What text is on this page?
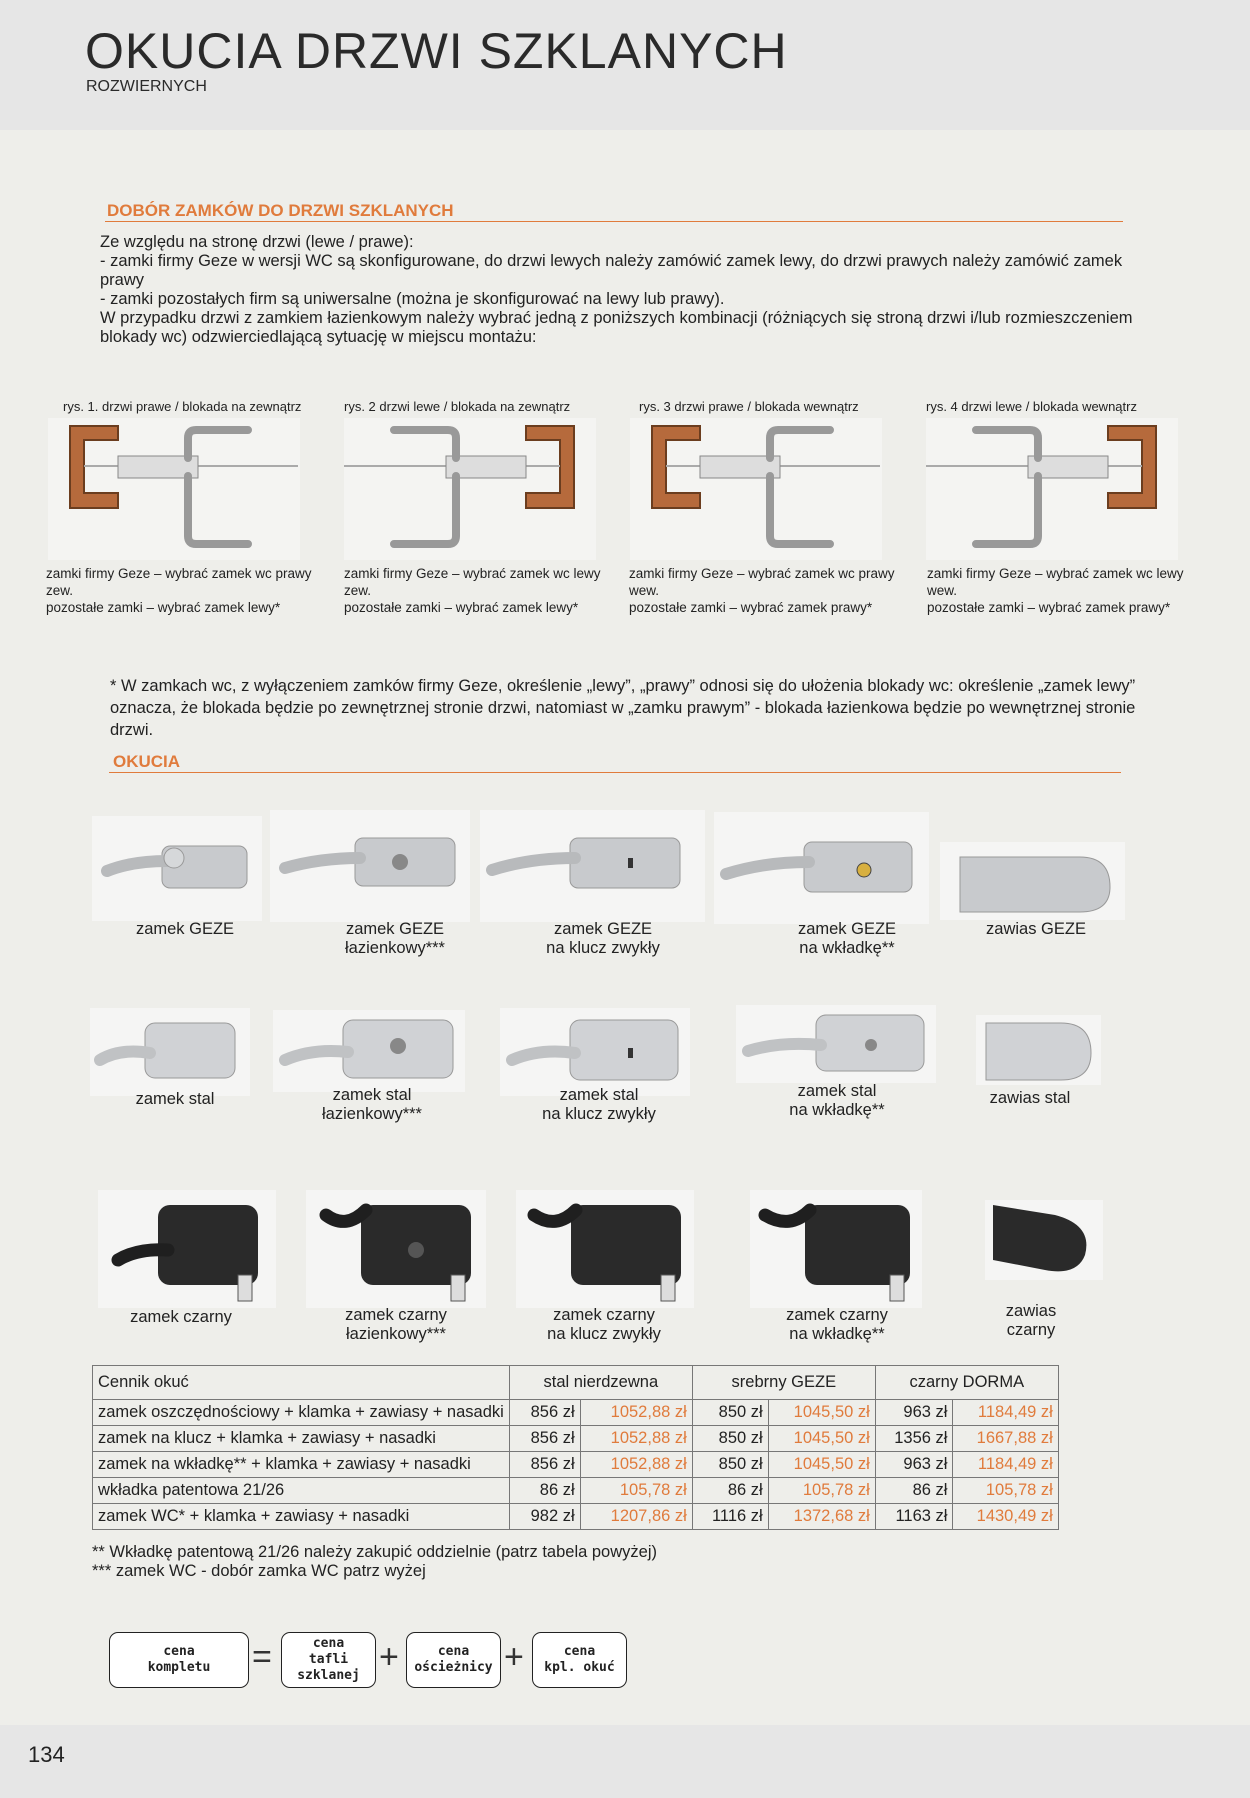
OKUCIA DRZWI SZKLANYCH
ROZWIERNYCH
DOBÓR ZAMKÓW DO DRZWI SZKLANYCH
Ze względu na stronę drzwi (lewe / prawe):
- zamki firmy Geze w wersji WC są skonfigurowane, do drzwi lewych należy zamówić zamek lewy, do drzwi prawych należy zamówić zamek prawy
- zamki pozostałych firm są uniwersalne (można je skonfigurować na lewy lub prawy).
W przypadku drzwi z zamkiem łazienkowym należy wybrać jedną z poniższych kombinacji (różniących się stroną drzwi i/lub rozmieszczeniem blokady wc) odzwierciedlającą sytuację w miejscu montażu:
rys. 1. drzwi prawe / blokada na zewnątrz	rys. 2 drzwi lewe / blokada na zewnątrz	rys. 3 drzwi prawe / blokada wewnątrz	rys. 4 drzwi lewe / blokada wewnątrz
zamki firmy Geze – wybrać zamek wc prawy zew.
pozostałe zamki – wybrać zamek lewy*
zamki firmy Geze – wybrać zamek wc lewy zew.
pozostałe zamki – wybrać zamek lewy*
zamki firmy Geze – wybrać zamek wc prawy wew.
pozostałe zamki – wybrać zamek prawy*
zamki firmy Geze – wybrać zamek wc lewy wew.
pozostałe zamki – wybrać zamek prawy*
* W zamkach wc, z wyłączeniem zamków firmy Geze, określenie „lewy”, „prawy” odnosi się do ułożenia blokady wc: określenie „zamek lewy” oznacza, że blokada będzie po zewnętrznej stronie drzwi, natomiast w „zamku prawym” - blokada łazienkowa będzie po wewnętrznej stronie drzwi.
OKUCIA
zamek GEZE	zamek GEZE
łazienkowy***
zamek GEZE
na klucz zwykły
zamek GEZE
na wkładkę**
zawias GEZE
zamek stal	zamek stal
łazienkowy***
zamek stal
na klucz zwykły
zamek stal
na wkładkę**
zawias stal
zamek czarny	zamek czarny
łazienkowy***
zamek czarny
na klucz zwykły
zamek czarny
na wkładkę**
zawias
czarny
Cennik okuć	stal nierdzewna		srebrny GEZE		czarny DORMA	
zamek oszczędnościowy + klamka + zawiasy + nasadki	856 zł	1052,88 zł	850 zł	1045,50 zł	963 zł	1184,49 zł
zamek na klucz + klamka + zawiasy + nasadki	856 zł	1052,88 zł	850 zł	1045,50 zł	1356 zł	1667,88 zł
zamek na wkładkę** + klamka + zawiasy + nasadki	856 zł	1052,88 zł	850 zł	1045,50 zł	963 zł	1184,49 zł
wkładka patentowa 21/26	86 zł	105,78 zł	86 zł	105,78 zł	86 zł	105,78 zł
zamek WC* + klamka + zawiasy + nasadki	982 zł	1207,86 zł	1116 zł	1372,68 zł	1163 zł	1430,49 zł
** Wkładkę patentową 21/26 należy zakupić oddzielnie (patrz tabela powyżej)
*** zamek WC - dobór zamka WC patrz wyżej
cena
kompletu	=	cena
tafli szklanej +	cena
ościeżnicy +	cena
kpl. okuć
134
